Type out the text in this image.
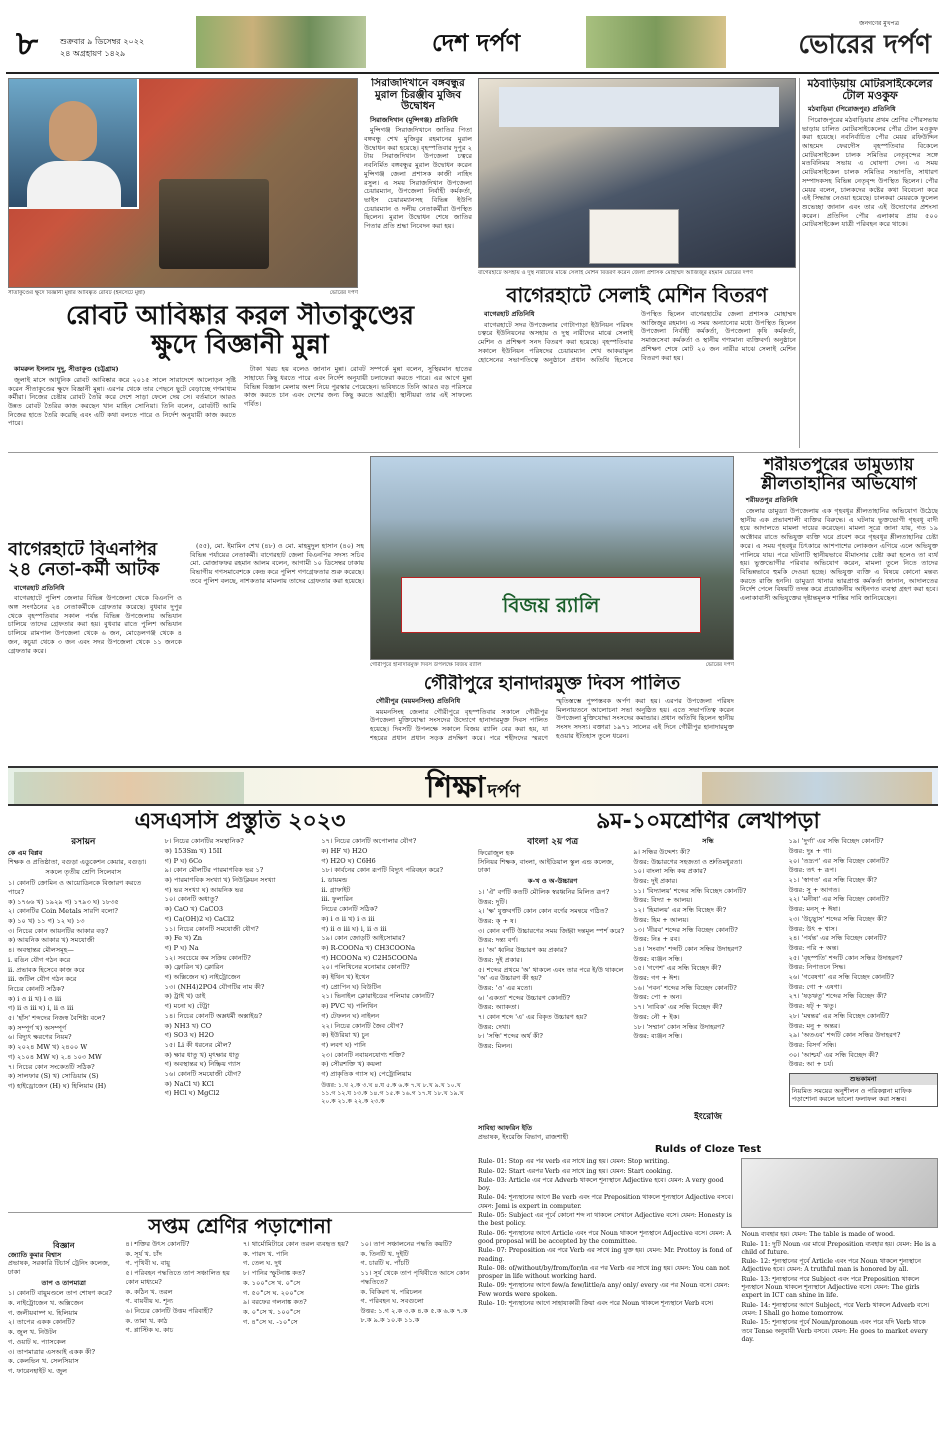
৮	শুক্রবার ৯ ডিসেম্বর ২০২২
২৪ অগ্রহায়ণ ১৪২৯	দেশ দর্পণ
জনগণের মুখপত্র
ভোরের দর্পণ
সীতাকুণ্ডের ক্ষুদে বিজ্ঞানী মুন্নার আবিষ্কৃত রোবট (ইনসেটে মুন্না)	ভোরের দর্পণ
সিরাজদিখানে বঙ্গবন্ধুর মুরাল চিরঞ্জীব মুজিব উদ্বোধন

সিরাজদিখান (মুন্সিগঞ্জ) প্রতিনিধি

মুন্সিগঞ্জ সিরাজদিখানে জাতির পিতা বঙ্গবন্ধু শেখ মুজিবুর রহমানের মুরাল উদ্বোধন করা হয়েছে। বৃহস্পতিবার দুপুর ২ টায় সিরাজদিখান উপজেলা চত্বরে নবনির্মিত বঙ্গবন্ধুর মুরাল উদ্বোধন করেন মুন্সিগঞ্জ জেলা প্রশাসক কাজী নাহিদ রসুল। এ সময় সিরাজদিখান উপজেলা চেয়ারম্যান, উপজেলা নির্বাহী কর্মকর্তা, ভাইস চেয়ারম্যানসহ বিভিন্ন ইউপি চেয়ারম্যান ও দলীয় নেতাকর্মীরা উপস্থিত ছিলেন। মুরাল উদ্বোধন শেষে জাতির পিতার প্রতি শ্রদ্ধা নিবেদন করা হয়।

বাগেরহাটে অসহায় ও দুস্থ নারীদের মাঝে সেলাই মেশিন বিতরণ করেন জেলা প্রশাসক মোহাম্মদ আজিজুর রহমান ভোরের দর্পণ
মঠবাড়িয়ায় মোটরসাইকেলের টোল মওকুফ

মঠবাড়িয়া (পিরোজপুর) প্রতিনিধি

পিরোজপুরের মঠবাড়িয়ার প্রথম শ্রেণির পৌরসভায় ভাড়ায় চালিত মোটরসাইকেলের পৌর টোল মওকুফ করা হয়েছে। নবনির্বাচিত পৌর মেয়র রফিউদ্দিন আহমেদ ফেরদৌস বৃহস্পতিবার বিকেলে মোটরসাইকেল চালক সমিতির নেতৃবৃন্দের সঙ্গে মতবিনিময় সভায় এ ঘোষণা দেন। এ সময় মোটরসাইকেল চালক সমিতির সভাপতি, সাধারণ সম্পাদকসহ বিভিন্ন নেতৃবৃন্দ উপস্থিত ছিলেন। পৌর মেয়র বলেন, চালকদের কষ্টের কথা বিবেচনা করে এই সিদ্ধান্ত নেওয়া হয়েছে। চালকরা মেয়রকে ফুলেল শুভেচ্ছা জানান এবং তার এই উদ্যোগের প্রশংসা করেন। প্রতিদিন পৌর এলাকায় প্রায় ৫০০ মোটরসাইকেল যাত্রী পরিবহন করে থাকে।

রোবট আবিষ্কার করল সীতাকুণ্ডের
ক্ষুদে বিজ্ঞানী মুন্না

কামরুল ইসলাম দুদু, সীতাকুণ্ড (চট্টগ্রাম)

জুলাই মাসে আধুনিক রোবট আবিষ্কার করে ২০১৫ সালে সারাদেশে আলোড়ন সৃষ্টি করেন সীতাকুণ্ডের ক্ষুদে বিজ্ঞানী মুন্না। এরপর থেকে তার পেছনে ছুটে বেড়াচ্ছে গণমাধ্যম কর্মীরা। নিজের চেষ্টায় রোবট তৈরি করে দেশে সাড়া ফেলে দেয় সে। বর্তমানে আরও উন্নত রোবট তৈরির কাজ করছেন খান মাহিন সোনিয়া। তিনি বলেন, রোবটটি আমি নিজের হাতে তৈরি করেছি এবং এটি কথা বলতে পারে ও নির্দেশ অনুযায়ী কাজ করতে পারে।

টাকা খরচ হয় বলেও জানান মুন্না। রোবট সম্পর্কে মুন্না বলেন, সুস্থিরমান হাতের সাহায্যে কিছু ধরতে পারে এবং নির্দেশ অনুযায়ী চলাফেরা করতে পারে। এর আগে মুন্না বিভিন্ন বিজ্ঞান মেলায় অংশ নিয়ে পুরস্কার পেয়েছেন। ভবিষ্যতে তিনি আরও বড় পরিসরে কাজ করতে চান এবং দেশের জন্য কিছু করতে আগ্রহী। স্থানীয়রা তার এই সাফল্যে গর্বিত।

বাগেরহাটে সেলাই মেশিন বিতরণ

বাগেরহাট প্রতিনিধি

বাগেরহাটে সদর উপজেলার গোটাপাড়া ইউনিয়ন পরিষদ চত্বরে ইউনিয়নের অসহায় ও দুস্থ নারীদের মাঝে সেলাই মেশিন ও প্রশিক্ষণ সনদ বিতরণ করা হয়েছে। বৃহস্পতিবার সকালে ইউনিয়ন পরিষদের চেয়ারম্যান শেখ আকরামুল হোসেনের সভাপতিত্বে অনুষ্ঠানে প্রধান অতিথি হিসেবে উপস্থিত ছিলেন বাগেরহাটের জেলা প্রশাসক মোহাম্মদ আজিজুর রহমান। এ সময় অন্যান্যের মধ্যে উপস্থিত ছিলেন উপজেলা নির্বাহী কর্মকর্তা, উপজেলা কৃষি কর্মকর্তা, সমাজসেবা কর্মকর্তা ও স্থানীয় গণ্যমান্য ব্যক্তিবর্গ। অনুষ্ঠানে প্রশিক্ষণ শেষে মোট ২০ জন নারীর মাঝে সেলাই মেশিন বিতরণ করা হয়।

বাগেরহাটে বিএনপির
২৪ নেতা-কর্মী আটক

বাগেরহাট প্রতিনিধি

বাগেরহাটে পুলিশ জেলার বিভিন্ন উপজেলা থেকে বিএনপি ও অঙ্গ সংগঠনের ২৪ নেতাকর্মীকে গ্রেফতার করেছে। বুধবার দুপুর থেকে বৃহস্পতিবার সকাল পর্যন্ত বিভিন্ন উপজেলায় অভিযান চালিয়ে তাদের গ্রেফতার করা হয়। বুধবার রাতে পুলিশ অভিযান চালিয়ে রামপাল উপজেলা থেকে ৬ জন, মোড়েলগঞ্জ থেকে ৪ জন, কচুয়া থেকে ৩ জন এবং সদর উপজেলা থেকে ১১ জনকে গ্রেফতার করে।

(৫৫), মো. ইমামিন শেখ (৪৮) ও মো. মাহমুদুল হাসান (৪০) সহ বিভিন্ন পর্যায়ের নেতাকর্মী। বাগেরহাট জেলা বিএনপির সদস্য সচিব মো. মোজাফফর রহমান আলম বলেন, আগামী ১০ ডিসেম্বর ঢাকায় বিভাগীয় গণসমাবেশকে কেন্দ্র করে পুলিশ গণগ্রেফতার শুরু করেছে। তবে পুলিশ বলছে, নাশকতার মামলায় তাদের গ্রেফতার করা হয়েছে।

বিজয় র‍্যালি
গৌরীপুরে হানাদারমুক্ত দিবস উপলক্ষে বিজয় র‍্যালি	ভোরের দর্পণ
গৌরীপুরে হানাদারমুক্ত দিবস পালিত

গৌরীপুর (ময়মনসিংহ) প্রতিনিধি

ময়মনসিংহ জেলার গৌরীপুরে বৃহস্পতিবার সকালে গৌরীপুর উপজেলা মুক্তিযোদ্ধা সংসদের উদ্যোগে হানাদারমুক্ত দিবস পালিত হয়েছে। দিবসটি উপলক্ষে সকালে বিজয় র‍্যালি বের করা হয়, যা শহরের প্রধান প্রধান সড়ক প্রদক্ষিণ করে। পরে শহীদদের স্মরণে স্মৃতিস্তম্ভে পুষ্পস্তবক অর্পণ করা হয়। এরপর উপজেলা পরিষদ মিলনায়তনে আলোচনা সভা অনুষ্ঠিত হয়। এতে সভাপতিত্ব করেন উপজেলা মুক্তিযোদ্ধা সংসদের কমান্ডার। প্রধান অতিথি ছিলেন স্থানীয় সংসদ সদস্য। বক্তারা ১৯৭১ সালের এই দিনে গৌরীপুর হানাদারমুক্ত হওয়ার ইতিহাস তুলে ধরেন।

শরীয়তপুরের ডামুড্যায়
শ্লীলতাহানির অভিযোগ

শরীয়তপুর প্রতিনিধি

জেলার ডামুড্যা উপজেলায় এক গৃহবধূর শ্লীলতাহানির অভিযোগ উঠেছে স্থানীয় এক প্রভাবশালী ব্যক্তির বিরুদ্ধে। এ ঘটনায় ভুক্তভোগী গৃহবধূ বাদী হয়ে আদালতে মামলা দায়ের করেছেন। মামলা সূত্রে জানা যায়, গত ১৯ অক্টোবর রাতে অভিযুক্ত ব্যক্তি ঘরে প্রবেশ করে গৃহবধূর শ্লীলতাহানির চেষ্টা করে। এ সময় গৃহবধূর চিৎকারে আশপাশের লোকজন এগিয়ে এলে অভিযুক্ত পালিয়ে যায়। পরে ঘটনাটি স্থানীয়ভাবে মীমাংসার চেষ্টা করা হলেও তা ব্যর্থ হয়। ভুক্তভোগীর পরিবার অভিযোগ করেন, মামলা তুলে নিতে তাদের বিভিন্নভাবে হুমকি দেওয়া হচ্ছে। অভিযুক্ত ব্যক্তি এ বিষয়ে কোনো মন্তব্য করতে রাজি হননি। ডামুড্যা থানার ভারপ্রাপ্ত কর্মকর্তা জানান, আদালতের নির্দেশ পেলে বিষয়টি তদন্ত করে প্রয়োজনীয় আইনগত ব্যবস্থা গ্রহণ করা হবে। এলাকাবাসী অভিযুক্তের দৃষ্টান্তমূলক শাস্তির দাবি জানিয়েছেন।

শিক্ষা দর্পণ
এসএসসি প্রস্তুতি ২০২৩
রসায়ন
কে এম বিপ্লব
শিক্ষক ও প্রতিষ্ঠাতা, বগুড়া এডুকেশন কেয়ার, বগুড়া।
সকলে তৃতীয় শ্রেণি সিলেবাস
১। কোনটি ক্রোমিন ও আয়োডিনকে বিজারণ করতে পারে?
ক) ১৭৬৬ খ) ১৯২৯ গ) ১৭৯৩ ঘ) ১৮৩৫
২। কোনটির Coin Metals সারণি বলো?
ক) ১০ খ) ১১ গ) ১২ ঘ) ১৩
৩। নিচের কোন আয়নটির আকার বড়?
ক) আয়নিক আকার খ) সমযোজী
৪। অবস্থান্তর মৌলসমূহ—
i. রঙিন যৌগ গঠন করে
ii. প্রভাবক হিসেবে কাজ করে
iii. জটিল যৌগ গঠন করে
নিচের কোনটি সঠিক?
ক) i ও ii খ) i ও iii
গ) ii ও iii ঘ) i, ii ও iii
৫। 'হাঁস' শব্দদের নিজস্ব বৈশিষ্ট্য বলে?
ক) সম্পূর্ণ খ) অসম্পূর্ণ
৬। বিদ্যুৎ ক্ষরণের নিয়ম?
ক) ২০২৪ MW খ) ২৪০০ W
গ) ২১০৪ MW ঘ) ২.৪ ১০৩ MW
৭। নিচের কোন সংকেতটি সঠিক?
ক) সালফার (S) খ) সোডিয়াম (S)
গ) হাইড্রোজেন (H) ঘ) হিলিয়াম (H)
৮। নিচের কোনটির সমস্থানিক?
ক) 153Sm খ) 15II
গ) P ঘ) 6Co
৯। কোন মৌলটির পারমাণবিক ভর ১?
ক) পারমাণবিক সংখ্যা খ) নিউক্লিয়ন সংখ্যা
গ) ভর সংখ্যা ঘ) আয়নিক ভর
১০। কোনটি অধাতু?
ক) CaO খ) CaCO3
গ) Ca(OH)2 ঘ) CaCl2
১১। নিচের কোনটি সমযোজী যৌগ?
ক) Fe খ) Zn
গ) P ঘ) Na
১২। সবচেয়ে কম সক্রিয় কোনটি?
ক) ফ্লোরিন খ) ক্লোরিন
গ) অক্সিজেন ঘ) নাইট্রোজেন
১৩। (NH4)2PO4 যৌগটির নাম কী?
ক) ট্রাই খ) ডাই
গ) মনো ঘ) টেট্রা
১৪। নিচের কোনটি অম্লধর্মী অক্সাইড?
ক) NH3 খ) CO
গ) SO3 ঘ) H2O
১৫। Li কী ধরনের মৌল?
ক) ক্ষার ধাতু খ) মৃৎক্ষার ধাতু
গ) অবস্থান্তর ঘ) নিষ্ক্রিয় গ্যাস
১৬। কোনটি সমযোজী যৌগ?
ক) NaCl খ) KCl
গ) HCl ঘ) MgCl2
১৭। নিচের কোনটি অপোলার যৌগ?
ক) HF খ) H2O
গ) H2O ঘ) C6H6
১৮। কার্বনের কোন রূপটি বিদ্যুৎ পরিবহন করে?
i. ডায়মন্ড
ii. গ্রাফাইট
iii. ফুলারিন
নিচের কোনটি সঠিক?
ক) i ও ii খ) i ও iii
গ) ii ও iii ঘ) i, ii ও iii
১৯। কোন জোড়টি আইসোমার?
ক) R-COONa খ) CH3COONa
গ) HCOONa ঘ) C2H5COONa
২০। পলিথিনের মনোমার কোনটি?
ক) ইথিন খ) ইথেন
গ) প্রোপিন ঘ) বিউটিন
২১। ভিনাইল ক্লোরাইডের পলিমার কোনটি?
ক) PVC খ) পলিথিন
গ) টেফলন ঘ) নাইলন
২২। নিচের কোনটি জৈব যৌগ?
ক) ইউরিয়া খ) চুন
গ) লবণ ঘ) পানি
২৩। কোনটি নবায়নযোগ্য শক্তি?
ক) সৌরশক্তি খ) কয়লা
গ) প্রাকৃতিক গ্যাস ঘ) পেট্রোলিয়াম
উত্তর: ১.খ ২.ক ৩.খ ৪.ঘ ৫.ক ৬.ক ৭.খ ৮.খ ৯.খ ১০.খ ১১.গ ১২.ঘ ১৩.ক ১৪.গ ১৫.ক ১৬.গ ১৭.ঘ ১৮.খ ১৯.খ ২০.ক ২১.ক ২২.ক ২৩.ক
৯ম-১০মশ্রেণির লেখাপড়া
বাংলা ২য় পত্র
ফিরোজুল হক
সিনিয়র শিক্ষক, বাংলা, আইডিয়াল স্কুল এন্ড কলেজ, ঢাকা
ক-খ ও অ-উচ্চারণ
১। 'ঐ' বর্ণটি কতটি মৌলিক স্বরধ্বনির মিলিত রূপ?
উত্তর: দুটি।
২। 'ক্ষ' যুক্তবর্ণটি কোন কোন বর্ণের সমন্বয়ে গঠিত?
উত্তর: ক্‌ + ষ।
৩। কোন বর্ণটি উচ্চারণের সময় জিহ্বা দন্তমূল স্পর্শ করে?
উত্তর: দন্ত্য বর্ণ।
৪। 'অ' ধ্বনির উচ্চারণ কয় প্রকার?
উত্তর: দুই প্রকার।
৫। শব্দের প্রথমে 'অ' থাকলে এবং তার পরে ই/উ থাকলে 'অ' এর উচ্চারণ কী হয়?
উত্তর: 'ও' এর মতো।
৬। 'একতা' শব্দের উচ্চারণ কোনটি?
উত্তর: অ্যাকতা।
৭। কোন শব্দে 'এ' এর বিকৃত উচ্চারণ হয়?
উত্তর: দেখা।
৮। 'সন্ধি' শব্দের অর্থ কী?
উত্তর: মিলন।
সন্ধি
৯। সন্ধির উদ্দেশ্য কী?
উত্তর: উচ্চারণের সহজতা ও শ্রুতিমধুরতা।
১০। বাংলা সন্ধি কয় প্রকার?
উত্তর: দুই প্রকার।
১১। 'বিদ্যালয়' শব্দের সন্ধি বিচ্ছেদ কোনটি?
উত্তর: বিদ্যা + আলয়।
১২। 'হিমালয়' এর সন্ধি বিচ্ছেদ কী?
উত্তর: হিম + আলয়।
১৩। 'নীরব' শব্দের সন্ধি বিচ্ছেদ কোনটি?
উত্তর: নিঃ + রব।
১৪। 'সংবাদ' শব্দটি কোন সন্ধির উদাহরণ?
উত্তর: ব্যঞ্জন সন্ধি।
১৫। 'গণেশ' এর সন্ধি বিচ্ছেদ কী?
উত্তর: গণ + ঈশ।
১৬। 'পবন' শব্দের সন্ধি বিচ্ছেদ কোনটি?
উত্তর: পো + অন।
১৭। 'নাবিক' এর সন্ধি বিচ্ছেদ কী?
উত্তর: নৌ + ইক।
১৮। 'সম্মান' কোন সন্ধির উদাহরণ?
উত্তর: ব্যঞ্জন সন্ধি।
১৯। 'দুর্গা' এর সন্ধি বিচ্ছেদ কোনটি?
উত্তর: দুঃ + গা।
২০। 'তদ্রূপ' এর সন্ধি বিচ্ছেদ কোনটি?
উত্তর: তৎ + রূপ।
২১। 'স্বাগত' এর সন্ধি বিচ্ছেদ কী?
উত্তর: সু + আগত।
২২। 'মনীষা' এর সন্ধি বিচ্ছেদ কোনটি?
উত্তর: মনস্‌ + ঈষা।
২৩। 'উচ্ছ্বাস' শব্দের সন্ধি বিচ্ছেদ কী?
উত্তর: উৎ + শ্বাস।
২৪। 'পর্যন্ত' এর সন্ধি বিচ্ছেদ কোনটি?
উত্তর: পরি + অন্ত।
২৫। 'বৃহস্পতি' শব্দটি কোন সন্ধির উদাহরণ?
উত্তর: নিপাতনে সিদ্ধ।
২৬। 'গবেষণা' এর সন্ধি বিচ্ছেদ কোনটি?
উত্তর: গো + এষণা।
২৭। 'ষড়ঋতু' শব্দের সন্ধি বিচ্ছেদ কী?
উত্তর: ষট্‌ + ঋতু।
২৮। 'মন্বন্তর' এর সন্ধি বিচ্ছেদ কোনটি?
উত্তর: মনু + অন্তর।
২৯। 'অতএব' শব্দটি কোন সন্ধির উদাহরণ?
উত্তর: বিসর্গ সন্ধি।
৩০। 'আশ্চর্য' এর সন্ধি বিচ্ছেদ কী?
উত্তর: আ + চর্য।
শুভকামনা
নিয়মিত সময়ের অনুশীলন ও পরিকল্পনা মাফিক পড়াশোনা করলে ভালো ফলাফল করা সম্ভব।
ইংরেজি
সাবিহা আফরিন ইতি
প্রভাষক, ইংরেজি বিভাগ, রাজশাহী
Rulds of Cloze Test
Rule- 01: Stop এর পর verb এর সাথে ing হয়। যেমন: Stop writing.
Rule- 02: Start এরপর Verb এর সাথে ing হয়। যেমন: Start cooking.
Rule- 03: Article এর পরে Adverb থাকলে শূন্যস্থানে Adjective হবে। যেমন: A very good boy.
Rule- 04: শূন্যস্থানের আগে Be verb এবং পরে Preposition থাকলে শূন্যস্থানে Adjective বসবে। যেমন: Jemi is expert in computer.
Rule- 05: Subject এর পূর্বে কোনো শব্দ না থাকলে সেখানে Adjective বসে। যেমন: Honesty is the best policy.
Rule- 06: শূন্যস্থানের আগে Article এবং পরে Noun থাকলে শূন্যস্থানে Adjective বসে। যেমন: A good proposal will be accepted by the committee.
Rule- 07: Preposition এর পরে Verb এর সাথে ing যুক্ত হয়। যেমন: Mr. Prottoy is fond of reading.
Rule- 08: of/without/by/from/for/in এর পর Verb এর সাথে ing হয়। যেমন: You can not prosper in life without working hard.
Rule- 09: শূন্যস্থানের আগে few/a few/little/a any/ only/ every এর পর Noun বসে। যেমন: Few words were spoken.
Rule- 10: শূন্যস্থানের আগে সাহায্যকারী ক্রিয়া এবং পরে Noun থাকলে শূন্যস্থানে Verb বসে।
Noun ব্যবহার হয়। যেমন: The table is made of wood.
Rule- 11: দুটি Noun এর মাঝে Preposition ব্যবহার হয়। যেমন: He is a child of future.
Rule- 12: শূন্যস্থানের পূর্বে Article এবং পরে Noun থাকলে শূন্যস্থানে Adjective হবে। যেমন: A truthful man is honored by all.
Rule- 13: শূন্যস্থানের পরে Subject এবং পরে Preposition থাকলে শূন্যস্থানে Noun থাকলে শূন্যস্থানে Adjective বসে। যেমন: The girls expert in ICT can shine in life.
Rule- 14: শূন্যস্থানের আগে Subject, পরে Verb থাকলে Adverb বসে। যেমন: I Shall go home tomorrow.
Rule- 15: শূন্যস্থানের পূর্বে Noun/pronoun এবং পরে যদি Verb থাকে তবে Tense অনুযায়ী Verb বসবে। যেমন: He goes to market every day.
সপ্তম শ্রেণির পড়াশোনা
বিজ্ঞান
জ্যোতি কুমার বিশ্বাস
প্রভাষক, সরকারি টিচার্স ট্রেনিং কলেজ, ঢাকা
তাপ ও তাপমাত্রা
১। কোনটি বায়ুমণ্ডলে তাপ শোষণ করে?
ক. নাইট্রোজেন খ. অক্সিজেন
গ. জলীয়বাষ্প ঘ. হিলিয়াম
২। তাপের একক কোনটি?
ক. জুল খ. নিউটন
গ. ওয়াট ঘ. প্যাসকেল
৩। তাপমাত্রার এসআই একক কী?
ক. কেলভিন খ. সেলসিয়াস
গ. ফারেনহাইট ঘ. জুল
৪। শক্তির উৎস কোনটি?
ক. সূর্য খ. চাঁদ
গ. পৃথিবী ঘ. বায়ু
৫। পরিবহন পদ্ধতিতে তাপ সঞ্চালিত হয় কোন মাধ্যমে?
ক. কঠিন খ. তরল
গ. বায়বীয় ঘ. শূন্য
৬। নিচের কোনটি উত্তম পরিবাহী?
ক. তামা খ. কাঠ
গ. প্লাস্টিক ঘ. কাচ
৭। থার্মোমিটারে কোন তরল ব্যবহৃত হয়?
ক. পারদ খ. পানি
গ. তেল ঘ. দুধ
৮। পানির স্ফুটনাঙ্ক কত?
ক. ১০০°সে খ. ০°সে
গ. ৫০°সে ঘ. ২০০°সে
৯। বরফের গলনাঙ্ক কত?
ক. ০°সে খ. ১০০°সে
গ. ৪°সে ঘ. -১০°সে
১০। তাপ সঞ্চালনের পদ্ধতি কয়টি?
ক. তিনটি খ. দুইটি
গ. চারটি ঘ. পাঁচটি
১১। সূর্য থেকে তাপ পৃথিবীতে আসে কোন পদ্ধতিতে?
ক. বিকিরণ খ. পরিচলন
গ. পরিবহন ঘ. সবগুলো
উত্তর: ১.গ ২.ক ৩.ক ৪.ক ৫.ক ৬.ক ৭.ক ৮.ক ৯.ক ১০.ক ১১.ক
